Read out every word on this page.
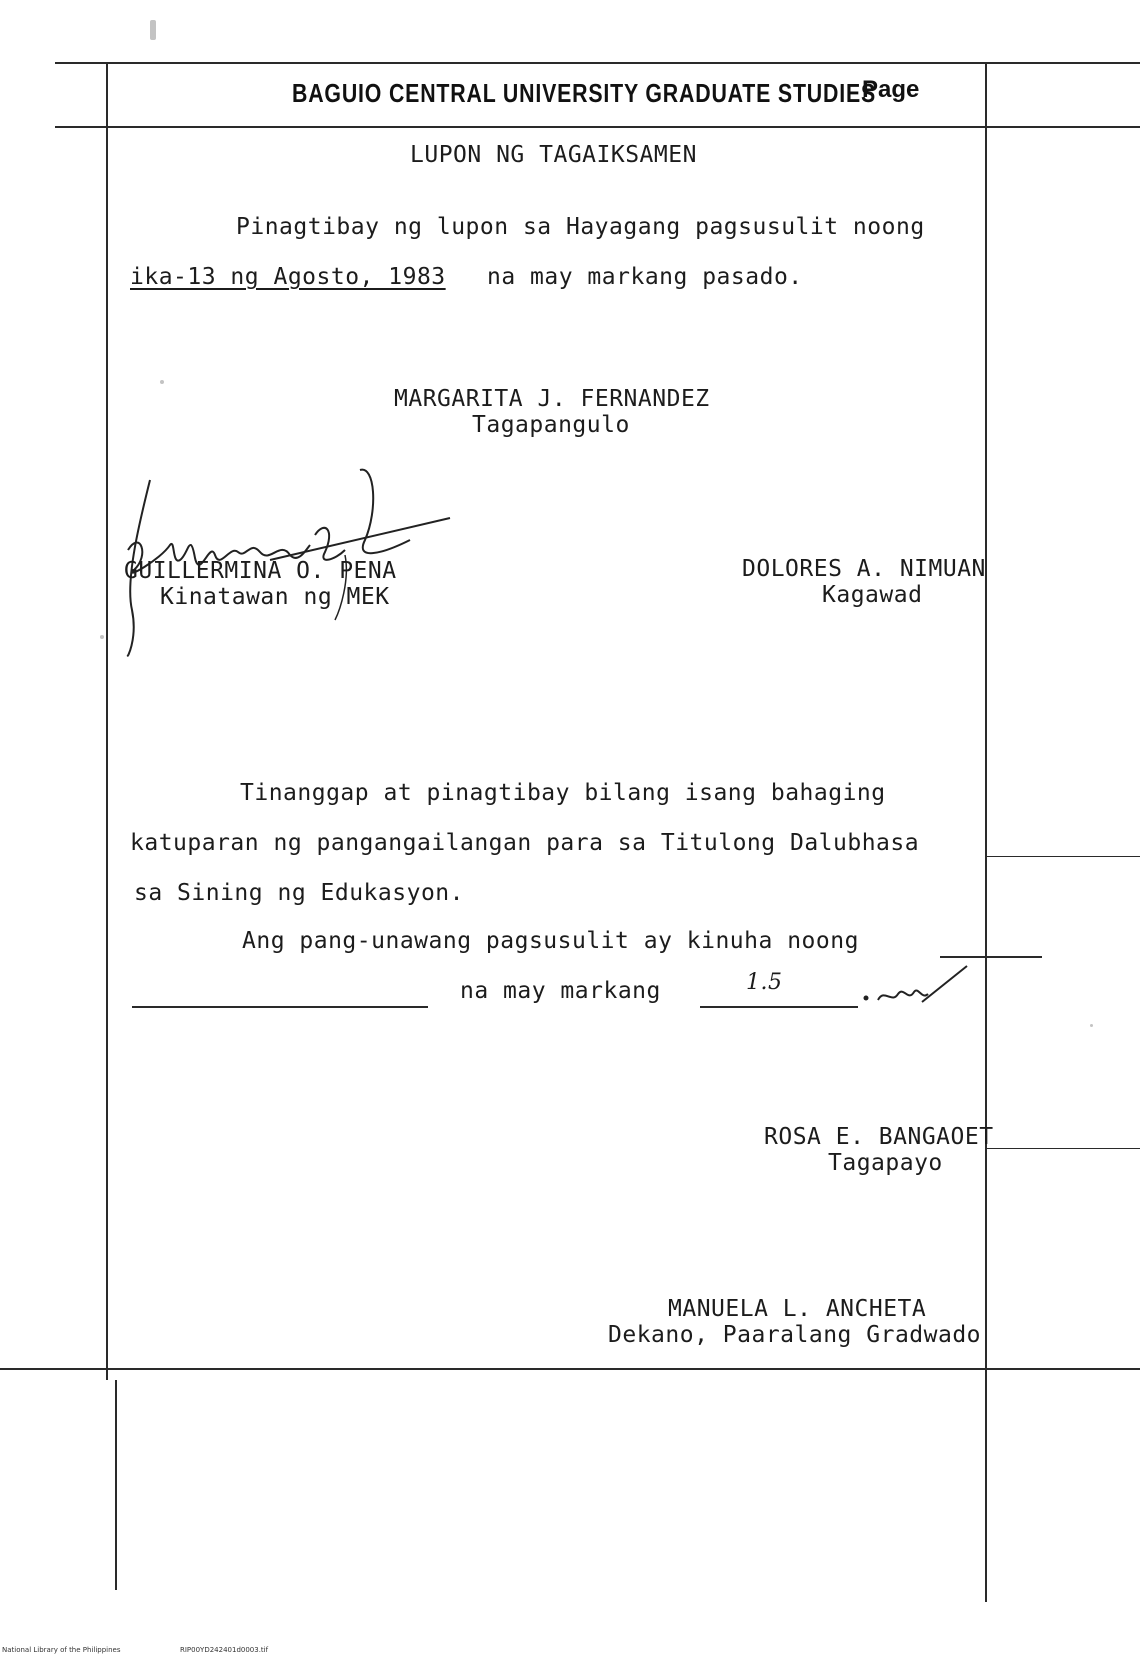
BAGUIO CENTRAL UNIVERSITY GRADUATE STUDIES
Page
LUPON NG TAGAIKSAMEN
Pinagtibay ng lupon sa Hayagang pagsusulit noong
ika-13 ng Agosto, 1983 na may markang pasado.
MARGARITA J. FERNANDEZ
Tagapangulo
GUILLERMINA O. PENA
Kinatawan ng MEK
DOLORES A. NIMUAN
Kagawad
Tinanggap at pinagtibay bilang isang bahaging
katuparan ng pangangailangan para sa Titulong Dalubhasa
sa Sining ng Edukasyon.
Ang pang-unawang pagsusulit ay kinuha noong
na may markang	1.5
ROSA E. BANGAOET
Tagapayo
MANUELA L. ANCHETA
Dekano, Paaralang Gradwado
National Library of the Philippines	RIP00YD242401d0003.tif
